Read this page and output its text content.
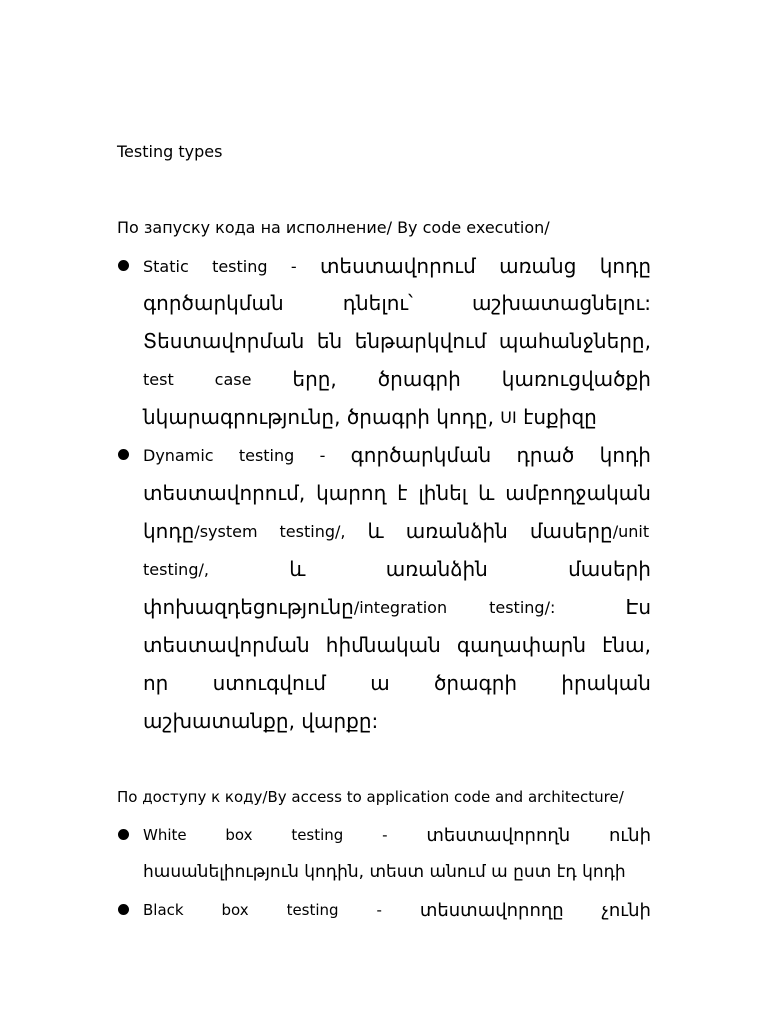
Testing types
По запуску кода на исполнение/ By code execution/
Static testing - տեստավորում առանց կոդը
գործարկման	դնելու՝	աշխատացնելու:
Տեստավորման են ենթարկվում պահանջները,
test	case երը, ծրագրի կառուցվածքի
նկարագրությունը, ծրագրի կոդը, UI էսքիզը
Dynamic testing - գործարկման դրած կոդի
տեստավորում, կարող է լինել և ամբողջական
կոդը /system testing/, և առանձին մասերը /unit
testing/,	և	առանձին	մասերի
փոխազդեցությունը /integration	testing/:	Էս
տեստավորման հիմնական գաղափարն էնա,
որ ստուգվում ա ծրագրի իրական
աշխատանքը, վարքը:
По доступу к коду/By access to application code and architecture/
White	box	testing	- տեստավորողն ունի
հասանելիություն կոդին, տեստ անում ա ըստ էդ կոդի
Black	box	testing	- տեստավորողը չունի
